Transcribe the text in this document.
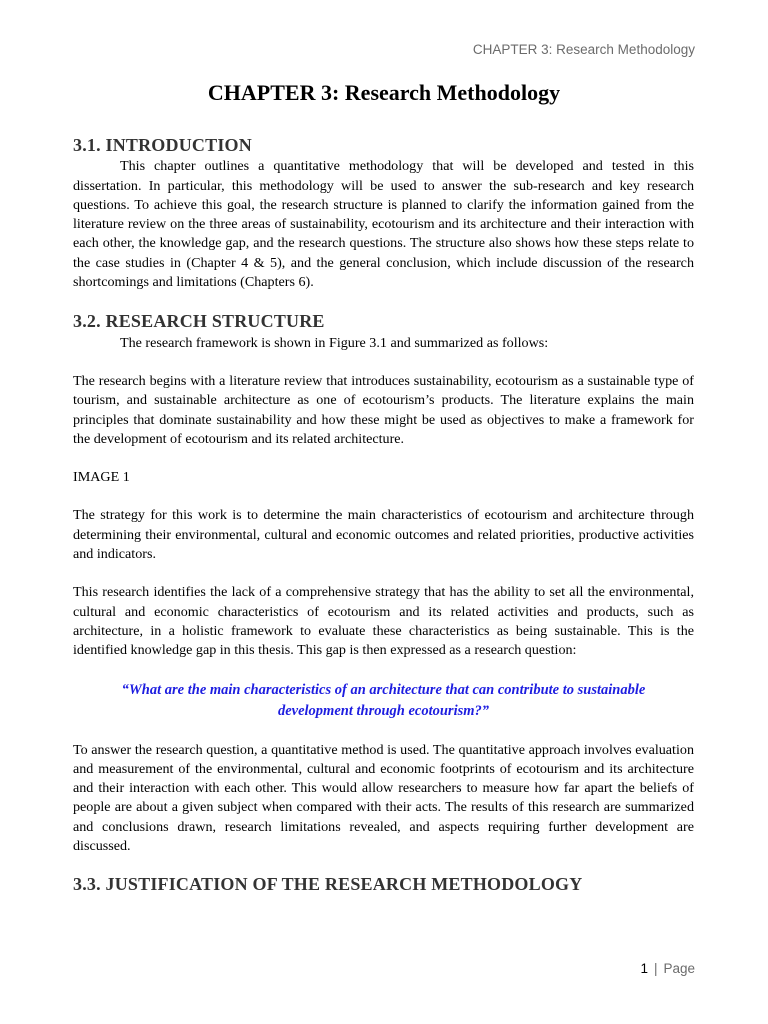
CHAPTER 3: Research Methodology
CHAPTER 3: Research Methodology
3.1. INTRODUCTION

This chapter outlines a quantitative methodology that will be developed and tested in this dissertation. In particular, this methodology will be used to answer the sub-research and key research questions. To achieve this goal, the research structure is planned to clarify the information gained from the literature review on the three areas of sustainability, ecotourism and its architecture and their interaction with each other, the knowledge gap, and the research questions. The structure also shows how these steps relate to the case studies in (Chapter 4 & 5), and the general conclusion, which include discussion of the research shortcomings and limitations (Chapters 6).

3.2. RESEARCH STRUCTURE

The research framework is shown in Figure 3.1 and summarized as follows:

The research begins with a literature review that introduces sustainability, ecotourism as a sustainable type of tourism, and sustainable architecture as one of ecotourism’s products. The literature explains the main principles that dominate sustainability and how these might be used as objectives to make a framework for the development of ecotourism and its related architecture.

IMAGE 1

The strategy for this work is to determine the main characteristics of ecotourism and architecture through determining their environmental, cultural and economic outcomes and related priorities, productive activities and indicators.

This research identifies the lack of a comprehensive strategy that has the ability to set all the environmental, cultural and economic characteristics of ecotourism and its related activities and products, such as architecture, in a holistic framework to evaluate these characteristics as being sustainable. This is the identified knowledge gap in this thesis. This gap is then expressed as a research question:

“What are the main characteristics of an architecture that can contribute to sustainable development through ecotourism?”

To answer the research question, a quantitative method is used. The quantitative approach involves evaluation and measurement of the environmental, cultural and economic footprints of ecotourism and its architecture and their interaction with each other. This would allow researchers to measure how far apart the beliefs of people are about a given subject when compared with their acts. The results of this research are summarized and conclusions drawn, research limitations revealed, and aspects requiring further development are discussed.

3.3. JUSTIFICATION OF THE RESEARCH METHODOLOGY
1 | Page
